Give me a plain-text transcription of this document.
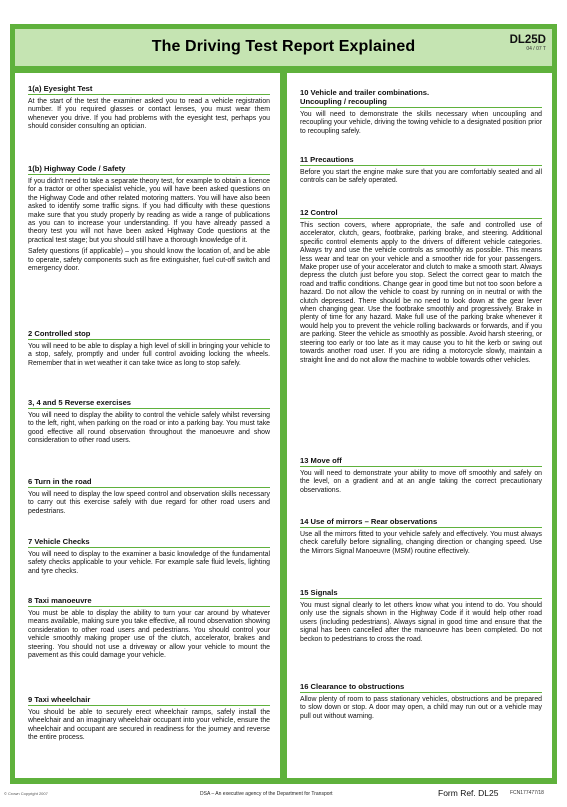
The Driving Test Report Explained	DL25D
04 / 07 T
1(a) Eyesight Test

At the start of the test the examiner asked you to read a vehicle registration number. If you required glasses or contact lenses, you must wear them whenever you drive. If you had problems with the eyesight test, perhaps you should consider consulting an optician.

1(b) Highway Code / Safety

If you didn't need to take a separate theory test, for example to obtain a licence for a tractor or other specialist vehicle, you will have been asked questions on the Highway Code and other related motoring matters. You will have also been asked to identify some traffic signs. If you had difficulty with these questions make sure that you study properly by reading as wide a range of publications as you can to increase your understanding. If you have already passed a theory test you will not have been asked Highway Code questions at the practical test stage; but you should still have a thorough knowledge of it.

Safety questions (if applicable) – you should know the location of, and be able to operate, safety components such as fire extinguisher, fuel cut-off switch and emergency door.

2 Controlled stop

You will need to be able to display a high level of skill in bringing your vehicle to a stop, safely, promptly and under full control avoiding locking the wheels. Remember that in wet weather it can take twice as long to stop safely.

3, 4 and 5 Reverse exercises

You will need to display the ability to control the vehicle safely whilst reversing to the left, right, when parking on the road or into a parking bay. You must take good effective all round observation throughout the manoeuvre and show consideration to other road users.

6 Turn in the road

You will need to display the low speed control and observation skills necessary to carry out this exercise safely with due regard for other road users and pedestrians.

7 Vehicle Checks

You will need to display to the examiner a basic knowledge of the fundamental safety checks applicable to your vehicle. For example safe fluid levels, lighting and tyre checks.

8 Taxi manoeuvre

You must be able to display the ability to turn your car around by whatever means available, making sure you take effective, all round observation showing consideration to other road users and pedestrians. You should control your vehicle smoothly making proper use of the clutch, accelerator, brakes and steering. You should not use a driveway or allow your vehicle to mount the pavement as this could damage your vehicle.

9 Taxi wheelchair

You should be able to securely erect wheelchair ramps, safely install the wheelchair and an imaginary wheelchair occupant into your vehicle, ensure the wheelchair and occupant are secured in readiness for the journey and reverse the entire process.

10 Vehicle and trailer combinations.
Uncoupling / recoupling

You will need to demonstrate the skills necessary when uncoupling and recoupling your vehicle, driving the towing vehicle to a designated position prior to recoupling safely.

11 Precautions

Before you start the engine make sure that you are comfortably seated and all controls can be safely operated.

12 Control

This section covers, where appropriate, the safe and controlled use of accelerator, clutch, gears, footbrake, parking brake, and steering. Additional specific control elements apply to the drivers of different vehicle categories. Always try and use the vehicle controls as smoothly as possible. This means less wear and tear on your vehicle and a smoother ride for your passengers. Make proper use of your accelerator and clutch to make a smooth start. Always depress the clutch just before you stop. Select the correct gear to match the road and traffic conditions. Change gear in good time but not too soon before a hazard. Do not allow the vehicle to coast by running on in neutral or with the clutch depressed. There should be no need to look down at the gear lever when changing gear. Use the footbrake smoothly and progressively. Brake in plenty of time for any hazard. Make full use of the parking brake whenever it would help you to prevent the vehicle rolling backwards or forwards, and if you are parking. Steer the vehicle as smoothly as possible. Avoid harsh steering, or steering too early or too late as it may cause you to hit the kerb or swing out towards another road user. If you are riding a motorcycle slowly, maintain a straight line and do not allow the machine to wobble towards other vehicles.

13 Move off

You will need to demonstrate your ability to move off smoothly and safely on the level, on a gradient and at an angle taking the correct precautionary observations.

14 Use of mirrors – Rear observations

Use all the mirrors fitted to your vehicle safely and effectively. You must always check carefully before signalling, changing direction or changing speed. Use the Mirrors Signal Manoeuvre (MSM) routine effectively.

15 Signals

You must signal clearly to let others know what you intend to do. You should only use the signals shown in the Highway Code if it would help other road users (including pedestrians). Always signal in good time and ensure that the signal has been cancelled after the manoeuvre has been completed. Do not beckon to pedestrians to cross the road.

16 Clearance to obstructions

Allow plenty of room to pass stationary vehicles, obstructions and be prepared to slow down or stop. A door may open, a child may run out or a vehicle may pull out without warning.

© Crown Copyright 2007	DSA – An executive agency of the Department for Transport	Form Ref. DL25 FCN177477/18
